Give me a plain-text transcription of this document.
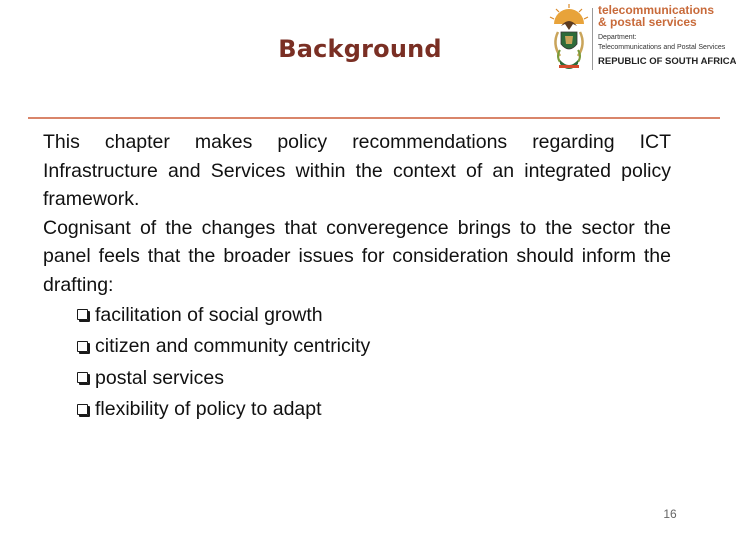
Background
telecommunications
& postal services
Department:
Telecommunications and Postal Services
REPUBLIC OF SOUTH AFRICA

This chapter makes policy recommendations regarding ICT Infrastructure and Services within the context of an integrated policy framework.

Cognisant of the changes that converegence brings to the sector the panel feels that the broader issues for consideration should inform the drafting:

facilitation of social growth
citizen and community centricity
postal services
flexibility of policy to adapt
16
